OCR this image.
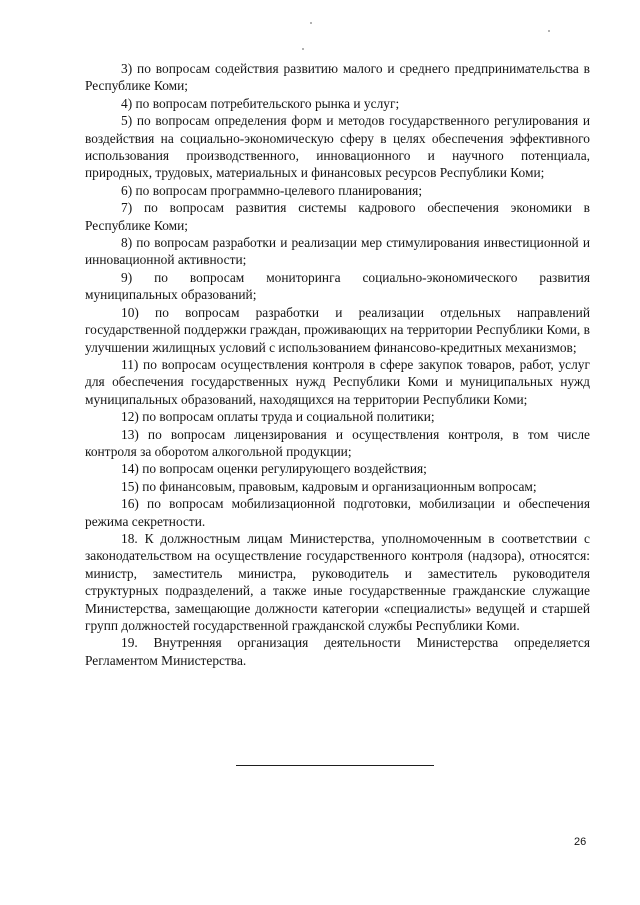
3) по вопросам содействия развитию малого и среднего предпринимательства в Республике Коми;

4) по вопросам потребительского рынка и услуг;

5) по вопросам определения форм и методов государственного регулирования и воздействия на социально-экономическую сферу в целях обеспечения эффективного использования производственного, инновационного и научного потенциала, природных, трудовых, материальных и финансовых ресурсов Республики Коми;

6) по вопросам программно-целевого планирования;

7) по вопросам развития системы кадрового обеспечения экономики в Республике Коми;

8) по вопросам разработки и реализации мер стимулирования инвестиционной и инновационной активности;

9) по вопросам мониторинга социально-экономического развития муниципальных образований;

10) по вопросам разработки и реализации отдельных направлений государственной поддержки граждан, проживающих на территории Республики Коми, в улучшении жилищных условий с использованием финансово-кредитных механизмов;

11) по вопросам осуществления контроля в сфере закупок товаров, работ, услуг для обеспечения государственных нужд Республики Коми и муниципальных нужд муниципальных образований, находящихся на территории Республики Коми;

12) по вопросам оплаты труда и социальной политики;

13) по вопросам лицензирования и осуществления контроля, в том числе контроля за оборотом алкогольной продукции;

14) по вопросам оценки регулирующего воздействия;

15) по финансовым, правовым, кадровым и организационным вопросам;

16) по вопросам мобилизационной подготовки, мобилизации и обеспечения режима секретности.

18. К должностным лицам Министерства, уполномоченным в соответствии с законодательством на осуществление государственного контроля (надзора), относятся: министр, заместитель министра, руководитель и заместитель руководителя структурных подразделений, а также иные государственные гражданские служащие Министерства, замещающие должности категории «специалисты» ведущей и старшей групп должностей государственной гражданской службы Республики Коми.

19. Внутренняя организация деятельности Министерства определяется Регламентом Министерства.

26
